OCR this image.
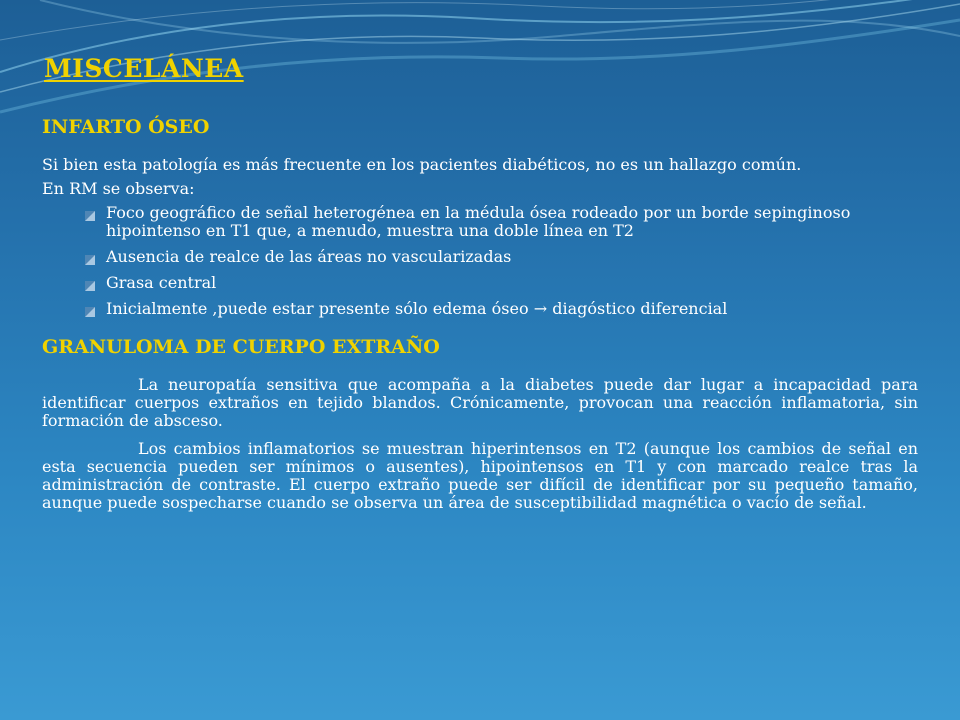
MISCELÁNEA
INFARTO ÓSEO

Si bien esta patología es más frecuente en los pacientes diabéticos, no es un hallazgo común.

En RM se observa:

Foco geográfico de señal heterogénea en la médula ósea rodeado por un borde sepinginoso hipointenso en T1 que, a menudo, muestra una doble línea en T2
Ausencia de realce de las áreas no vascularizadas
Grasa central
Inicialmente ,puede estar presente sólo edema óseo → diagóstico diferencial
GRANULOMA DE CUERPO EXTRAÑO

La neuropatía sensitiva que acompaña a la diabetes puede dar lugar a incapacidad para identificar cuerpos extraños en tejido blandos. Crónicamente, provocan una reacción inflamatoria, sin formación de absceso.

Los cambios inflamatorios se muestran hiperintensos en T2 (aunque los cambios de señal en esta secuencia pueden ser mínimos o ausentes), hipointensos en T1 y con marcado realce tras la administración de contraste. El cuerpo extraño puede ser difícil de identificar por su pequeño tamaño, aunque puede sospecharse cuando se observa un área de susceptibilidad magnética o vacío de señal.
